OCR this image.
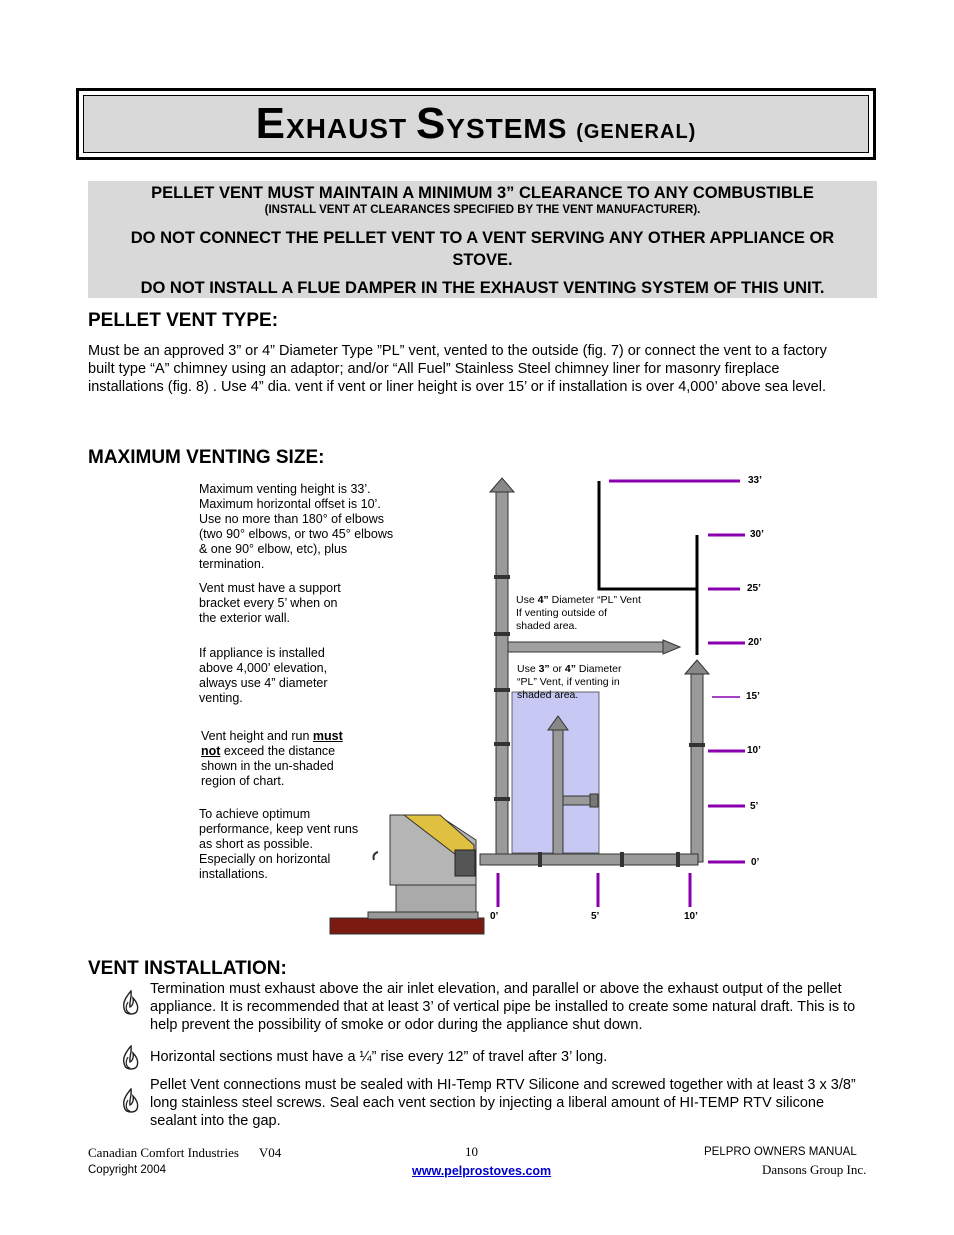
EXHAUST SYSTEMS (GENERAL)
PELLET VENT MUST MAINTAIN A MINIMUM 3” CLEARANCE TO ANY COMBUSTIBLE
(INSTALL VENT AT CLEARANCES SPECIFIED BY THE VENT MANUFACTURER).
DO NOT CONNECT THE PELLET VENT TO A VENT SERVING ANY OTHER APPLIANCE OR STOVE.
DO NOT INSTALL A FLUE DAMPER IN THE EXHAUST VENTING SYSTEM OF THIS UNIT.
PELLET VENT TYPE:
Must be an approved 3” or 4” Diameter Type ”PL” vent, vented to the outside (fig. 7) or connect the vent to a factory built type “A” chimney using an adaptor; and/or “All Fuel” Stainless Steel chimney liner for masonry fireplace installations (fig. 8) . Use 4” dia. vent if vent or liner height is over 15’ or if installation is over 4,000’ above sea level.
MAXIMUM VENTING SIZE:
Maximum venting height is 33’.
Maximum horizontal offset is 10’.
Use no more than 180° of elbows
(two 90° elbows, or two 45° elbows
& one 90° elbow, etc), plus
termination.
Vent must have a support
bracket every 5’ when on
the exterior wall.
If appliance is installed
above 4,000’ elevation,
always use 4” diameter
venting.
Vent height and run must
not exceed the distance
shown in the un-shaded
region of chart.
To achieve optimum
performance, keep vent runs
as short as possible.
Especially on horizontal
installations.
Use 4” Diameter “PL” Vent
If venting outside of
shaded area.
Use 3” or 4” Diameter
“PL” Vent, if venting in
shaded area.
33’
30’
25’
20’
15’
10’
5’
0’
0’	5’	10’
VENT INSTALLATION:
Termination must exhaust above the air inlet elevation, and parallel or above the exhaust output of the pellet appliance. It is recommended that at least 3’ of vertical pipe be installed to create some natural draft. This is to help prevent the possibility of smoke or odor during the appliance shut down.
Horizontal sections must have a ¼” rise every 12” of travel after 3’ long.
Pellet Vent connections must be sealed with HI-Temp RTV Silicone and screwed together with at least 3 x 3/8” long stainless steel screws. Seal each vent section by injecting a liberal amount of HI-TEMP RTV silicone sealant into the gap.
Canadian Comfort Industries V04	10	PELPRO OWNERS MANUAL
Copyright 2004	www.pelprostoves.com	Dansons Group Inc.
